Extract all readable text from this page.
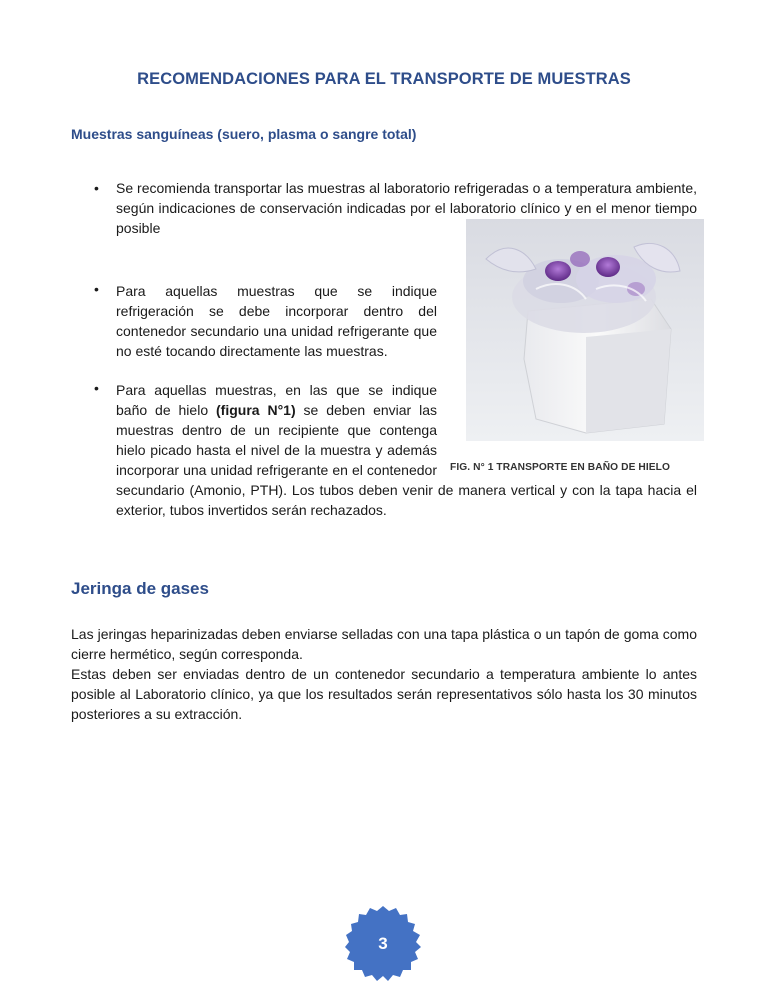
RECOMENDACIONES PARA EL TRANSPORTE DE MUESTRAS
Muestras sanguíneas (suero, plasma o sangre total)
FIG. N° 1 TRANSPORTE EN BAÑO DE HIELO
• Se recomienda transportar las muestras al laboratorio refrigeradas o a temperatura ambiente, según indicaciones de conservación indicadas por el laboratorio clínico y en el menor tiempo posible
Para aquellas muestras que se indique refrigeración se debe incorporar dentro del contenedor secundario una unidad refrigerante que no esté tocando directamente las muestras.
•
• Para aquellas muestras, en las que se indique baño de hielo (figura N°1) se deben enviar las muestras dentro de un recipiente que contenga hielo picado hasta el nivel de la muestra y además incorporar una unidad refrigerante en el contenedor secundario (Amonio, PTH). Los tubos deben venir de manera vertical y con la tapa hacia el exterior, tubos invertidos serán rechazados.
Jeringa de gases
Las jeringas heparinizadas deben enviarse selladas con una tapa plástica o un tapón de goma como cierre hermético, según corresponda.
Estas deben ser enviadas dentro de un contenedor secundario a temperatura ambiente lo antes posible al Laboratorio clínico, ya que los resultados serán representativos sólo hasta los 30 minutos posteriores a su extracción.
3
